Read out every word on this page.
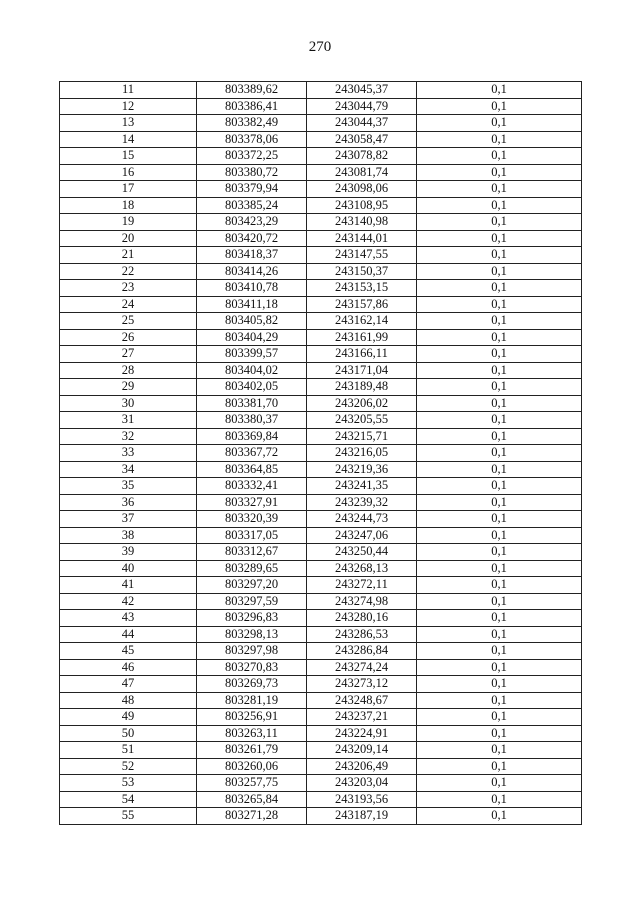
270
11	803389,62	243045,37	0,1
12	803386,41	243044,79	0,1
13	803382,49	243044,37	0,1
14	803378,06	243058,47	0,1
15	803372,25	243078,82	0,1
16	803380,72	243081,74	0,1
17	803379,94	243098,06	0,1
18	803385,24	243108,95	0,1
19	803423,29	243140,98	0,1
20	803420,72	243144,01	0,1
21	803418,37	243147,55	0,1
22	803414,26	243150,37	0,1
23	803410,78	243153,15	0,1
24	803411,18	243157,86	0,1
25	803405,82	243162,14	0,1
26	803404,29	243161,99	0,1
27	803399,57	243166,11	0,1
28	803404,02	243171,04	0,1
29	803402,05	243189,48	0,1
30	803381,70	243206,02	0,1
31	803380,37	243205,55	0,1
32	803369,84	243215,71	0,1
33	803367,72	243216,05	0,1
34	803364,85	243219,36	0,1
35	803332,41	243241,35	0,1
36	803327,91	243239,32	0,1
37	803320,39	243244,73	0,1
38	803317,05	243247,06	0,1
39	803312,67	243250,44	0,1
40	803289,65	243268,13	0,1
41	803297,20	243272,11	0,1
42	803297,59	243274,98	0,1
43	803296,83	243280,16	0,1
44	803298,13	243286,53	0,1
45	803297,98	243286,84	0,1
46	803270,83	243274,24	0,1
47	803269,73	243273,12	0,1
48	803281,19	243248,67	0,1
49	803256,91	243237,21	0,1
50	803263,11	243224,91	0,1
51	803261,79	243209,14	0,1
52	803260,06	243206,49	0,1
53	803257,75	243203,04	0,1
54	803265,84	243193,56	0,1
55	803271,28	243187,19	0,1
